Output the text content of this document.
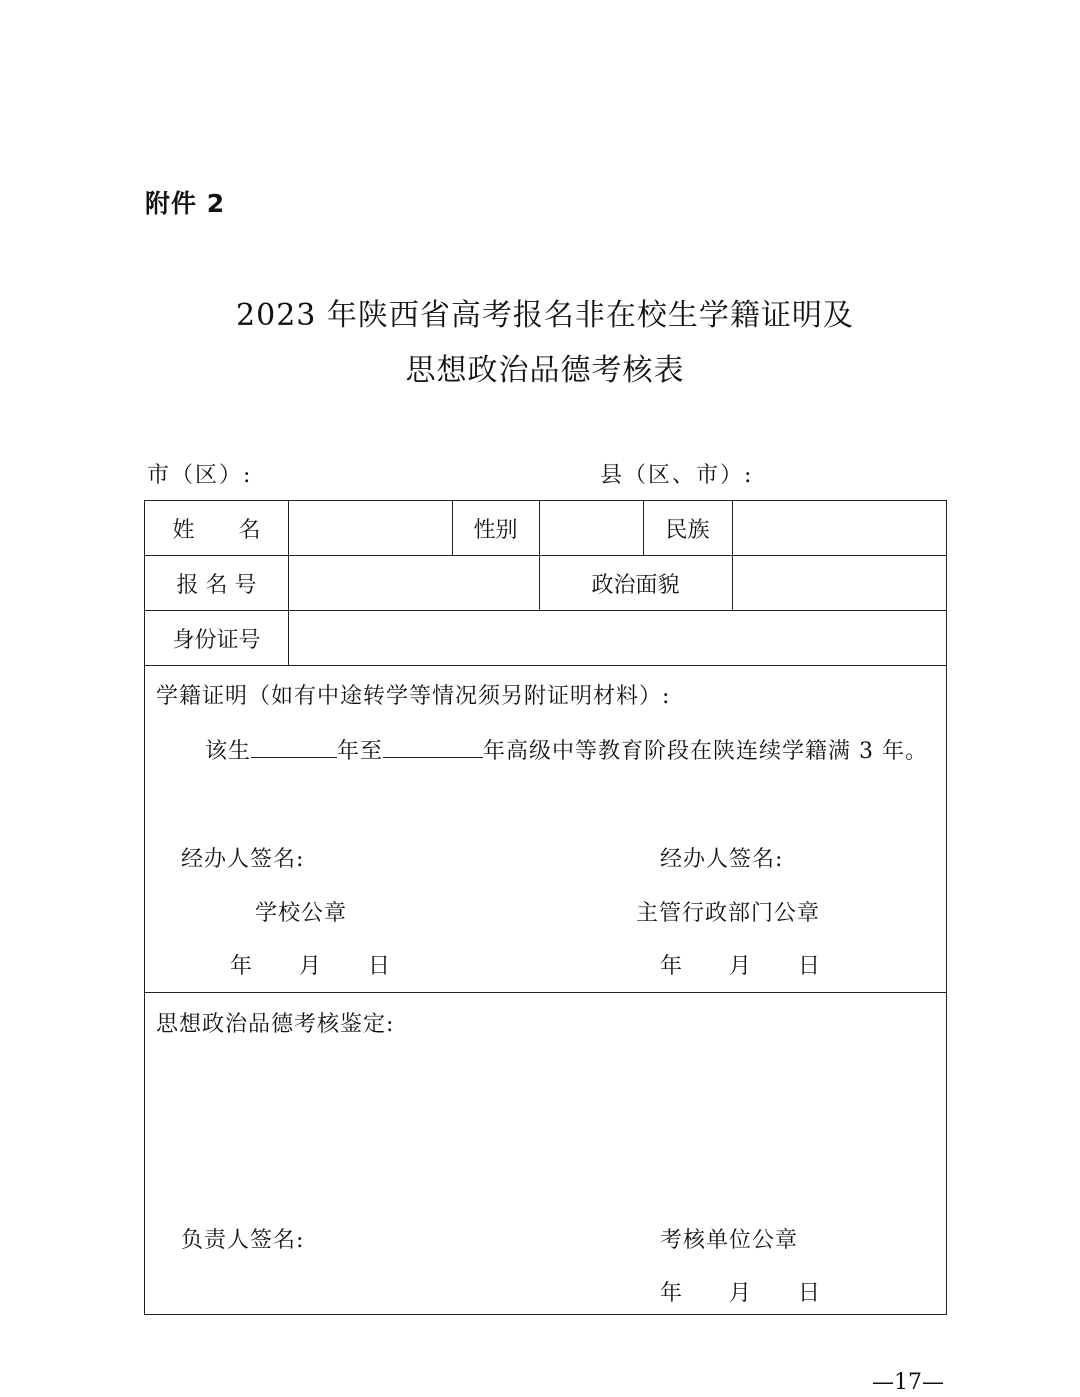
附件 2
2023 年陕西省高考报名非在校生学籍证明及
思想政治品德考核表
市（区）:	县（区、市）:
姓　　名	性别	民族
报 名 号	政治面貌
身份证号
学籍证明（如有中途转学等情况须另附证明材料）:
该生	年至	年高级中等教育阶段在陕连续学籍满 3 年。
经办人签名:	经办人签名:
学校公章	主管行政部门公章
年　　月　　日	年　　月　　日
思想政治品德考核鉴定:
负责人签名:	考核单位公章
年　　月　　日
—17—
